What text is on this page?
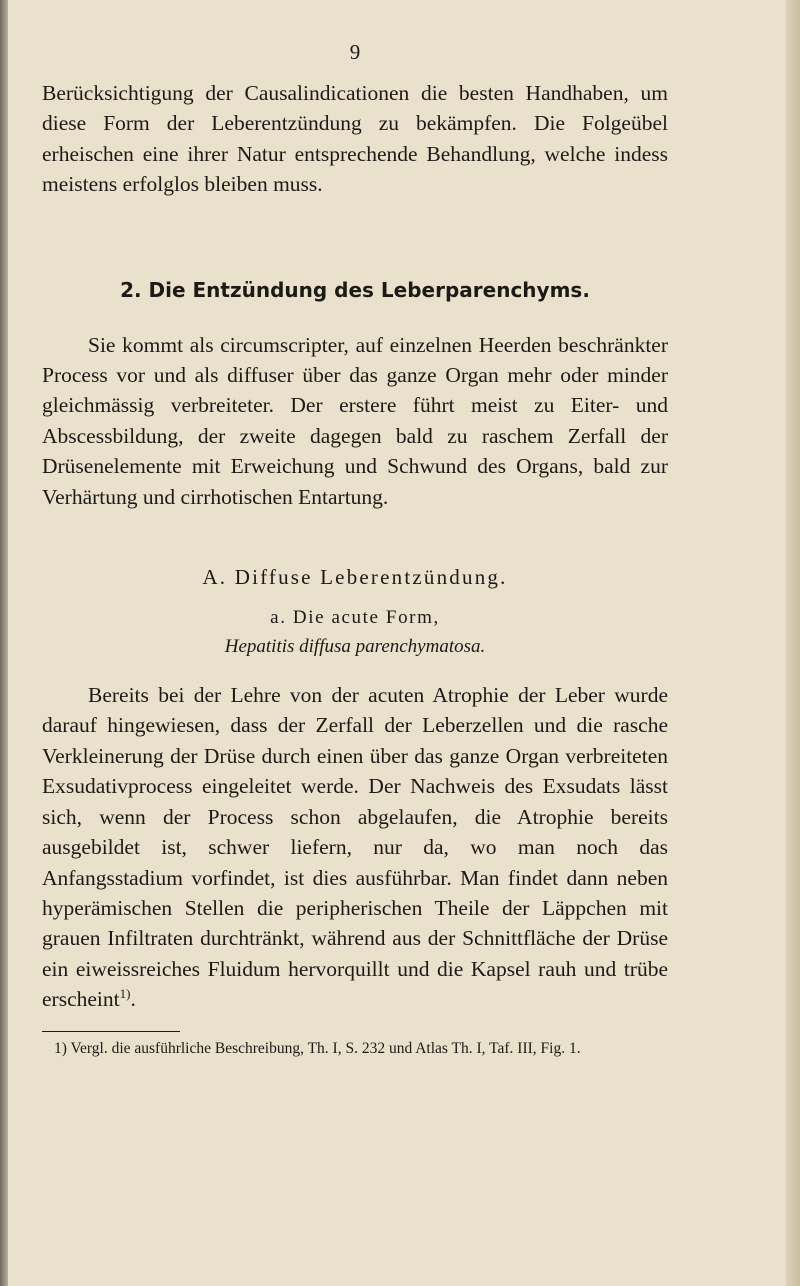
9

Berücksichtigung der Causalindicationen die besten Handhaben, um diese Form der Leberentzündung zu bekämpfen. Die Folgeübel erheischen eine ihrer Natur entsprechende Behandlung, welche indess meistens erfolglos bleiben muss.

2. Die Entzündung des Leberparenchyms.

Sie kommt als circumscripter, auf einzelnen Heerden beschränkter Process vor und als diffuser über das ganze Organ mehr oder minder gleichmässig verbreiteter. Der erstere führt meist zu Eiter- und Abscessbildung, der zweite dagegen bald zu raschem Zerfall der Drüsenelemente mit Erweichung und Schwund des Organs, bald zur Verhärtung und cirrhotischen Entartung.

A. Diffuse Leberentzündung.
a. Die acute Form,
Hepatitis diffusa parenchymatosa.

Bereits bei der Lehre von der acuten Atrophie der Leber wurde darauf hingewiesen, dass der Zerfall der Leberzellen und die rasche Verkleinerung der Drüse durch einen über das ganze Organ verbreiteten Exsudativprocess eingeleitet werde. Der Nachweis des Exsudats lässt sich, wenn der Process schon abgelaufen, die Atrophie bereits ausgebildet ist, schwer liefern, nur da, wo man noch das Anfangsstadium vorfindet, ist dies ausführbar. Man findet dann neben hyperämischen Stellen die peripherischen Theile der Läppchen mit grauen Infiltraten durchtränkt, während aus der Schnittfläche der Drüse ein eiweissreiches Fluidum hervorquillt und die Kapsel rauh und trübe erscheint$^{1)}$.

1) Vergl. die ausführliche Beschreibung, Th. I, S. 232 und Atlas Th. I, Taf. III, Fig. 1.
